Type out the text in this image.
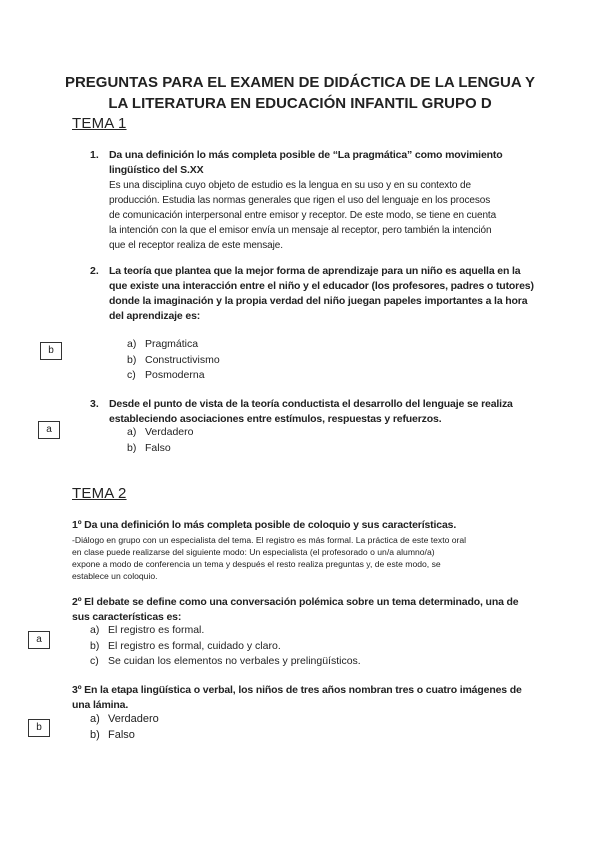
PREGUNTAS PARA EL EXAMEN DE DIDÁCTICA DE LA LENGUA Y
LA LITERATURA EN EDUCACIÓN INFANTIL GRUPO D
TEMA 1
1. Da una definición lo más completa posible de “La pragmática” como movimiento
lingüístico del S.XX
Es una disciplina cuyo objeto de estudio es la lengua en su uso y en su contexto de
producción. Estudia las normas generales que rigen el uso del lenguaje en los procesos
de comunicación interpersonal entre emisor y receptor. De este modo, se tiene en cuenta
la intención con la que el emisor envía un mensaje al receptor, pero también la intención
que el receptor realiza de este mensaje.
2. La teoría que plantea que la mejor forma de aprendizaje para un niño es aquella en la
que existe una interacción entre el niño y el educador (los profesores, padres o tutores)
donde la imaginación y la propia verdad del niño juegan papeles importantes a la hora
del aprendizaje es:
b
a) Pragmática
b) Constructivismo
c) Posmoderna
3. Desde el punto de vista de la teoría conductista el desarrollo del lenguaje se realiza
estableciendo asociaciones entre estímulos, respuestas y refuerzos.
a	a) Verdadero
b) Falso
TEMA 2
1º Da una definición lo más completa posible de coloquio y sus características.
-Diálogo en grupo con un especialista del tema. El registro es más formal. La práctica de este texto oral
en clase puede realizarse del siguiente modo: Un especialista (el profesorado o un/a alumno/a)
expone a modo de conferencia un tema y después el resto realiza preguntas y, de este modo, se
establece un coloquio.
2º El debate se define como una conversación polémica sobre un tema determinado, una de
sus características es:
a
a) El registro es formal.
b) El registro es formal, cuidado y claro.
c) Se cuidan los elementos no verbales y prelingüísticos.
3º En la etapa lingüística o verbal, los niños de tres años nombran tres o cuatro imágenes de
una lámina.
b
a) Verdadero
b) Falso
